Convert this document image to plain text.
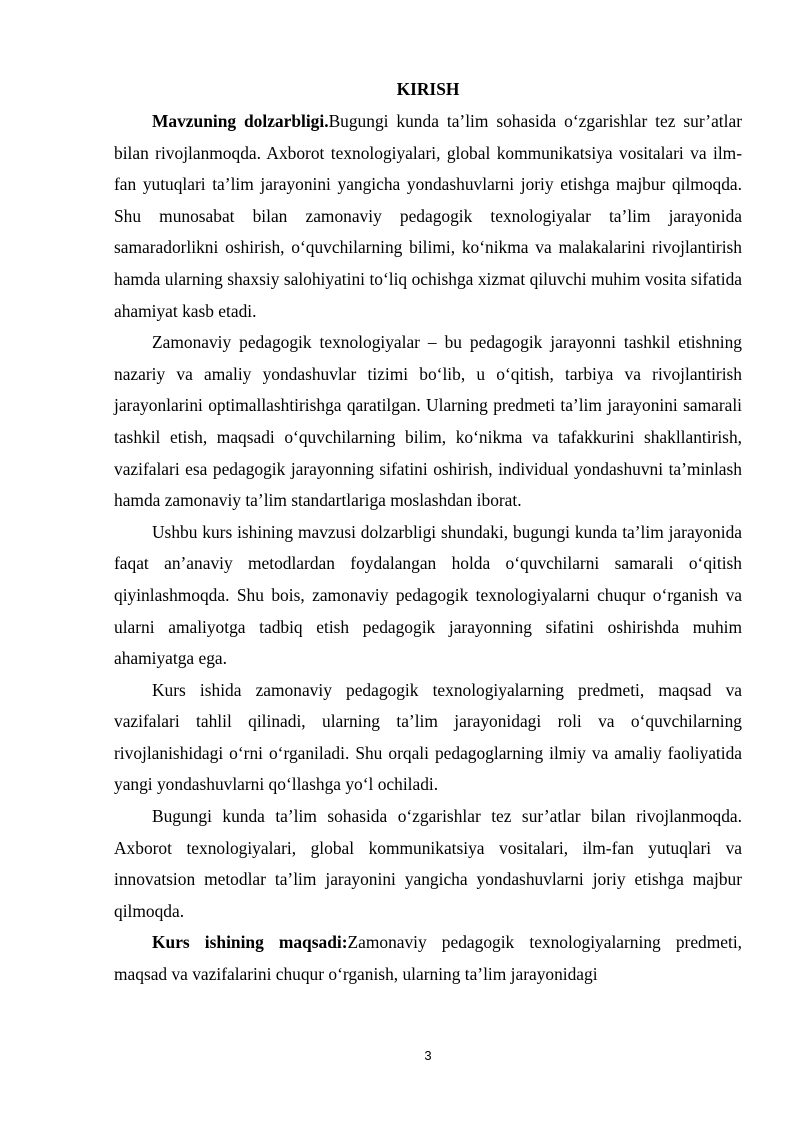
KIRISH

Mavzuning dolzarbligi.Bugungi kunda ta’lim sohasida o‘zgarishlar tez sur’atlar bilan rivojlanmoqda. Axborot texnologiyalari, global kommunikatsiya vositalari va ilm-fan yutuqlari ta’lim jarayonini yangicha yondashuvlarni joriy etishga majbur qilmoqda. Shu munosabat bilan zamonaviy pedagogik texnologiyalar ta’lim jarayonida samaradorlikni oshirish, o‘quvchilarning bilimi, ko‘nikma va malakalarini rivojlantirish hamda ularning shaxsiy salohiyatini to‘liq ochishga xizmat qiluvchi muhim vosita sifatida ahamiyat kasb etadi.

Zamonaviy pedagogik texnologiyalar – bu pedagogik jarayonni tashkil etishning nazariy va amaliy yondashuvlar tizimi bo‘lib, u o‘qitish, tarbiya va rivojlantirish jarayonlarini optimallashtirishga qaratilgan. Ularning predmeti ta’lim jarayonini samarali tashkil etish, maqsadi o‘quvchilarning bilim, ko‘nikma va tafakkurini shakllantirish, vazifalari esa pedagogik jarayonning sifatini oshirish, individual yondashuvni ta’minlash hamda zamonaviy ta’lim standartlariga moslashdan iborat.

Ushbu kurs ishining mavzusi dolzarbligi shundaki, bugungi kunda ta’lim jarayonida faqat an’anaviy metodlardan foydalangan holda o‘quvchilarni samarali o‘qitish qiyinlashmoqda. Shu bois, zamonaviy pedagogik texnologiyalarni chuqur o‘rganish va ularni amaliyotga tadbiq etish pedagogik jarayonning sifatini oshirishda muhim ahamiyatga ega.

Kurs ishida zamonaviy pedagogik texnologiyalarning predmeti, maqsad va vazifalari tahlil qilinadi, ularning ta’lim jarayonidagi roli va o‘quvchilarning rivojlanishidagi o‘rni o‘rganiladi. Shu orqali pedagoglarning ilmiy va amaliy faoliyatida yangi yondashuvlarni qo‘llashga yo‘l ochiladi.

Bugungi kunda ta’lim sohasida o‘zgarishlar tez sur’atlar bilan rivojlanmoqda. Axborot texnologiyalari, global kommunikatsiya vositalari, ilm-fan yutuqlari va innovatsion metodlar ta’lim jarayonini yangicha yondashuvlarni joriy etishga majbur qilmoqda.

Kurs ishining maqsadi:Zamonaviy pedagogik texnologiyalarning predmeti, maqsad va vazifalarini chuqur o‘rganish, ularning ta’lim jarayonidagi

3
